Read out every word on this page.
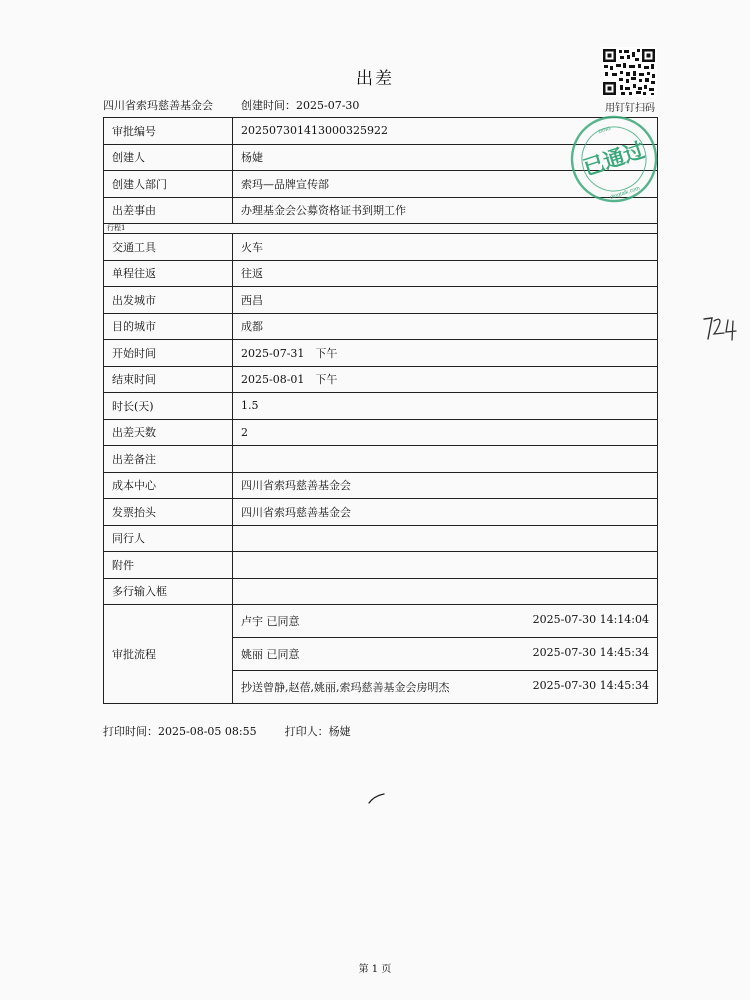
出差
四川省索玛慈善基金会	创建时间：2025-07-30	用钉钉扫码
审批编号	202507301413000325922
创建人	杨婕
创建人部门	索玛—品牌宣传部
出差事由	办理基金会公募资格证书到期工作
行程1	
交通工具	火车
单程往返	往返
出发城市	西昌
目的城市	成都
开始时间	2025-07-31　下午
结束时间	2025-08-01　下午
时长(天)	1.5
出差天数	2
出差备注	
成本中心	四川省索玛慈善基金会
发票抬头	四川省索玛慈善基金会
同行人	
附件	
多行输入框	
审批流程	卢宇 已同意 2025-07-30 14:14:04

	姚丽 已同意 2025-07-30 14:45:34

	抄送曾静,赵蓓,姚丽,索玛慈善基金会房明杰 2025-07-30 14:45:34
DING
dingtalk.com
已通过
打印时间：2025-08-05 08:55	打印人：杨婕
第 1 页
